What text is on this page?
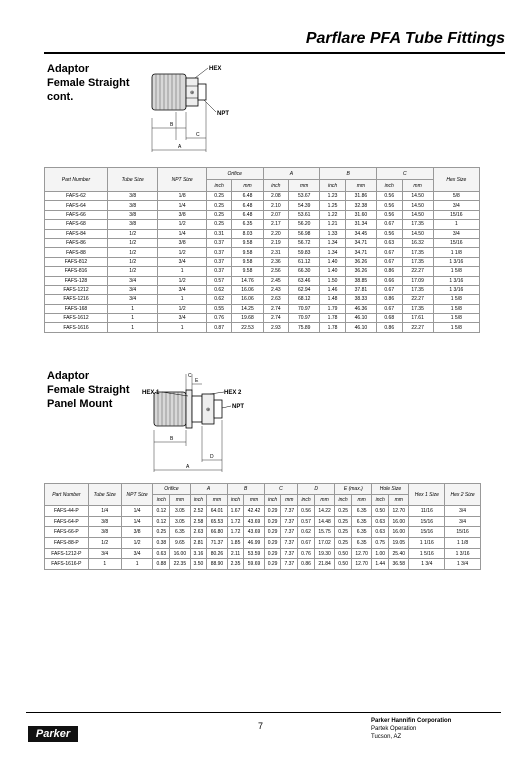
Parflare PFA Tube Fittings
Adaptor
Female Straight
cont.	⊕
HEX
NPT
B
C
A
Part Number	Tube Size	NPT Size	Orifice		A		B		C		Hex Size
			inch	mm	inch	mm	inch	mm	inch	mm	
FAFS-62	3/8	1/8	0.25	6.48	2.08	53.67	1.23	31.86	0.56	14.50	5/8
FAFS-64	3/8	1/4	0.25	6.48	2.10	54.39	1.25	32.38	0.56	14.50	3/4
FAFS-66	3/8	3/8	0.25	6.48	2.07	53.61	1.22	31.60	0.56	14.50	15/16
FAFS-68	3/8	1/2	0.25	6.35	2.17	56.20	1.21	31.34	0.67	17.35	1
FAFS-84	1/2	1/4	0.31	8.03	2.20	56.98	1.33	34.45	0.56	14.50	3/4
FAFS-86	1/2	3/8	0.37	9.58	2.19	56.72	1.34	34.71	0.63	16.32	15/16
FAFS-88	1/2	1/2	0.37	9.58	2.31	59.83	1.34	34.71	0.67	17.35	1 1/8
FAFS-812	1/2	3/4	0.37	9.58	2.36	61.12	1.40	36.26	0.67	17.35	1 3/16
FAFS-816	1/2	1	0.37	9.58	2.56	66.30	1.40	36.26	0.86	22.27	1 5/8
FAFS-128	3/4	1/2	0.57	14.76	2.45	63.46	1.50	38.85	0.66	17.09	1 3/16
FAFS-1212	3/4	3/4	0.62	16.06	2.43	62.94	1.46	37.81	0.67	17.35	1 3/16
FAFS-1216	3/4	1	0.62	16.06	2.63	68.12	1.48	38.33	0.86	22.27	1 5/8
FAFS-168	1	1/2	0.55	14.25	2.74	70.97	1.79	46.36	0.67	17.35	1 5/8
FAFS-1612	1	3/4	0.76	19.68	2.74	70.97	1.78	46.10	0.68	17.61	1 5/8
FAFS-1616	1	1	0.87	22.53	2.93	75.89	1.78	46.10	0.86	22.27	1 5/8
Adaptor
Female Straight
Panel Mount	⊕
HEX 1	HEX 2
NPT
C
E
B
D
A
Part Number	Tube Size	NPT Size	Orifice		A		B		C		D		E (max.)		Hole Size		Hex 1 Size	Hex 2 Size
			inch	mm	inch	mm	inch	mm	inch	mm	inch	mm	inch	mm	inch	mm		
FAFS-44-P	1/4	1/4	0.12	3.05	2.52	64.01	1.67	42.42	0.29	7.37	0.56	14.22	0.25	6.35	0.50	12.70	11/16	3/4
FAFS-64-P	3/8	1/4	0.12	3.05	2.58	65.53	1.72	43.69	0.29	7.37	0.57	14.48	0.25	6.35	0.63	16.00	15/16	3/4
FAFS-66-P	3/8	3/8	0.25	6.35	2.63	66.80	1.72	43.69	0.29	7.37	0.62	15.75	0.25	6.35	0.63	16.00	15/16	15/16
FAFS-88-P	1/2	1/2	0.38	9.65	2.81	71.37	1.85	46.99	0.29	7.37	0.67	17.02	0.25	6.35	0.75	19.05	1 1/16	1 1/8
FAFS-1212-P	3/4	3/4	0.63	16.00	3.16	80.26	2.11	53.59	0.29	7.37	0.76	19.30	0.50	12.70	1.00	25.40	1 5/16	1 3/16
FAFS-1616-P	1	1	0.88	22.35	3.50	88.90	2.35	59.69	0.29	7.37	0.86	21.84	0.50	12.70	1.44	36.58	1 3/4	1 3/4
Parker
7	Parker Hannifin Corporation
Partek Operation
Tucson, AZ
